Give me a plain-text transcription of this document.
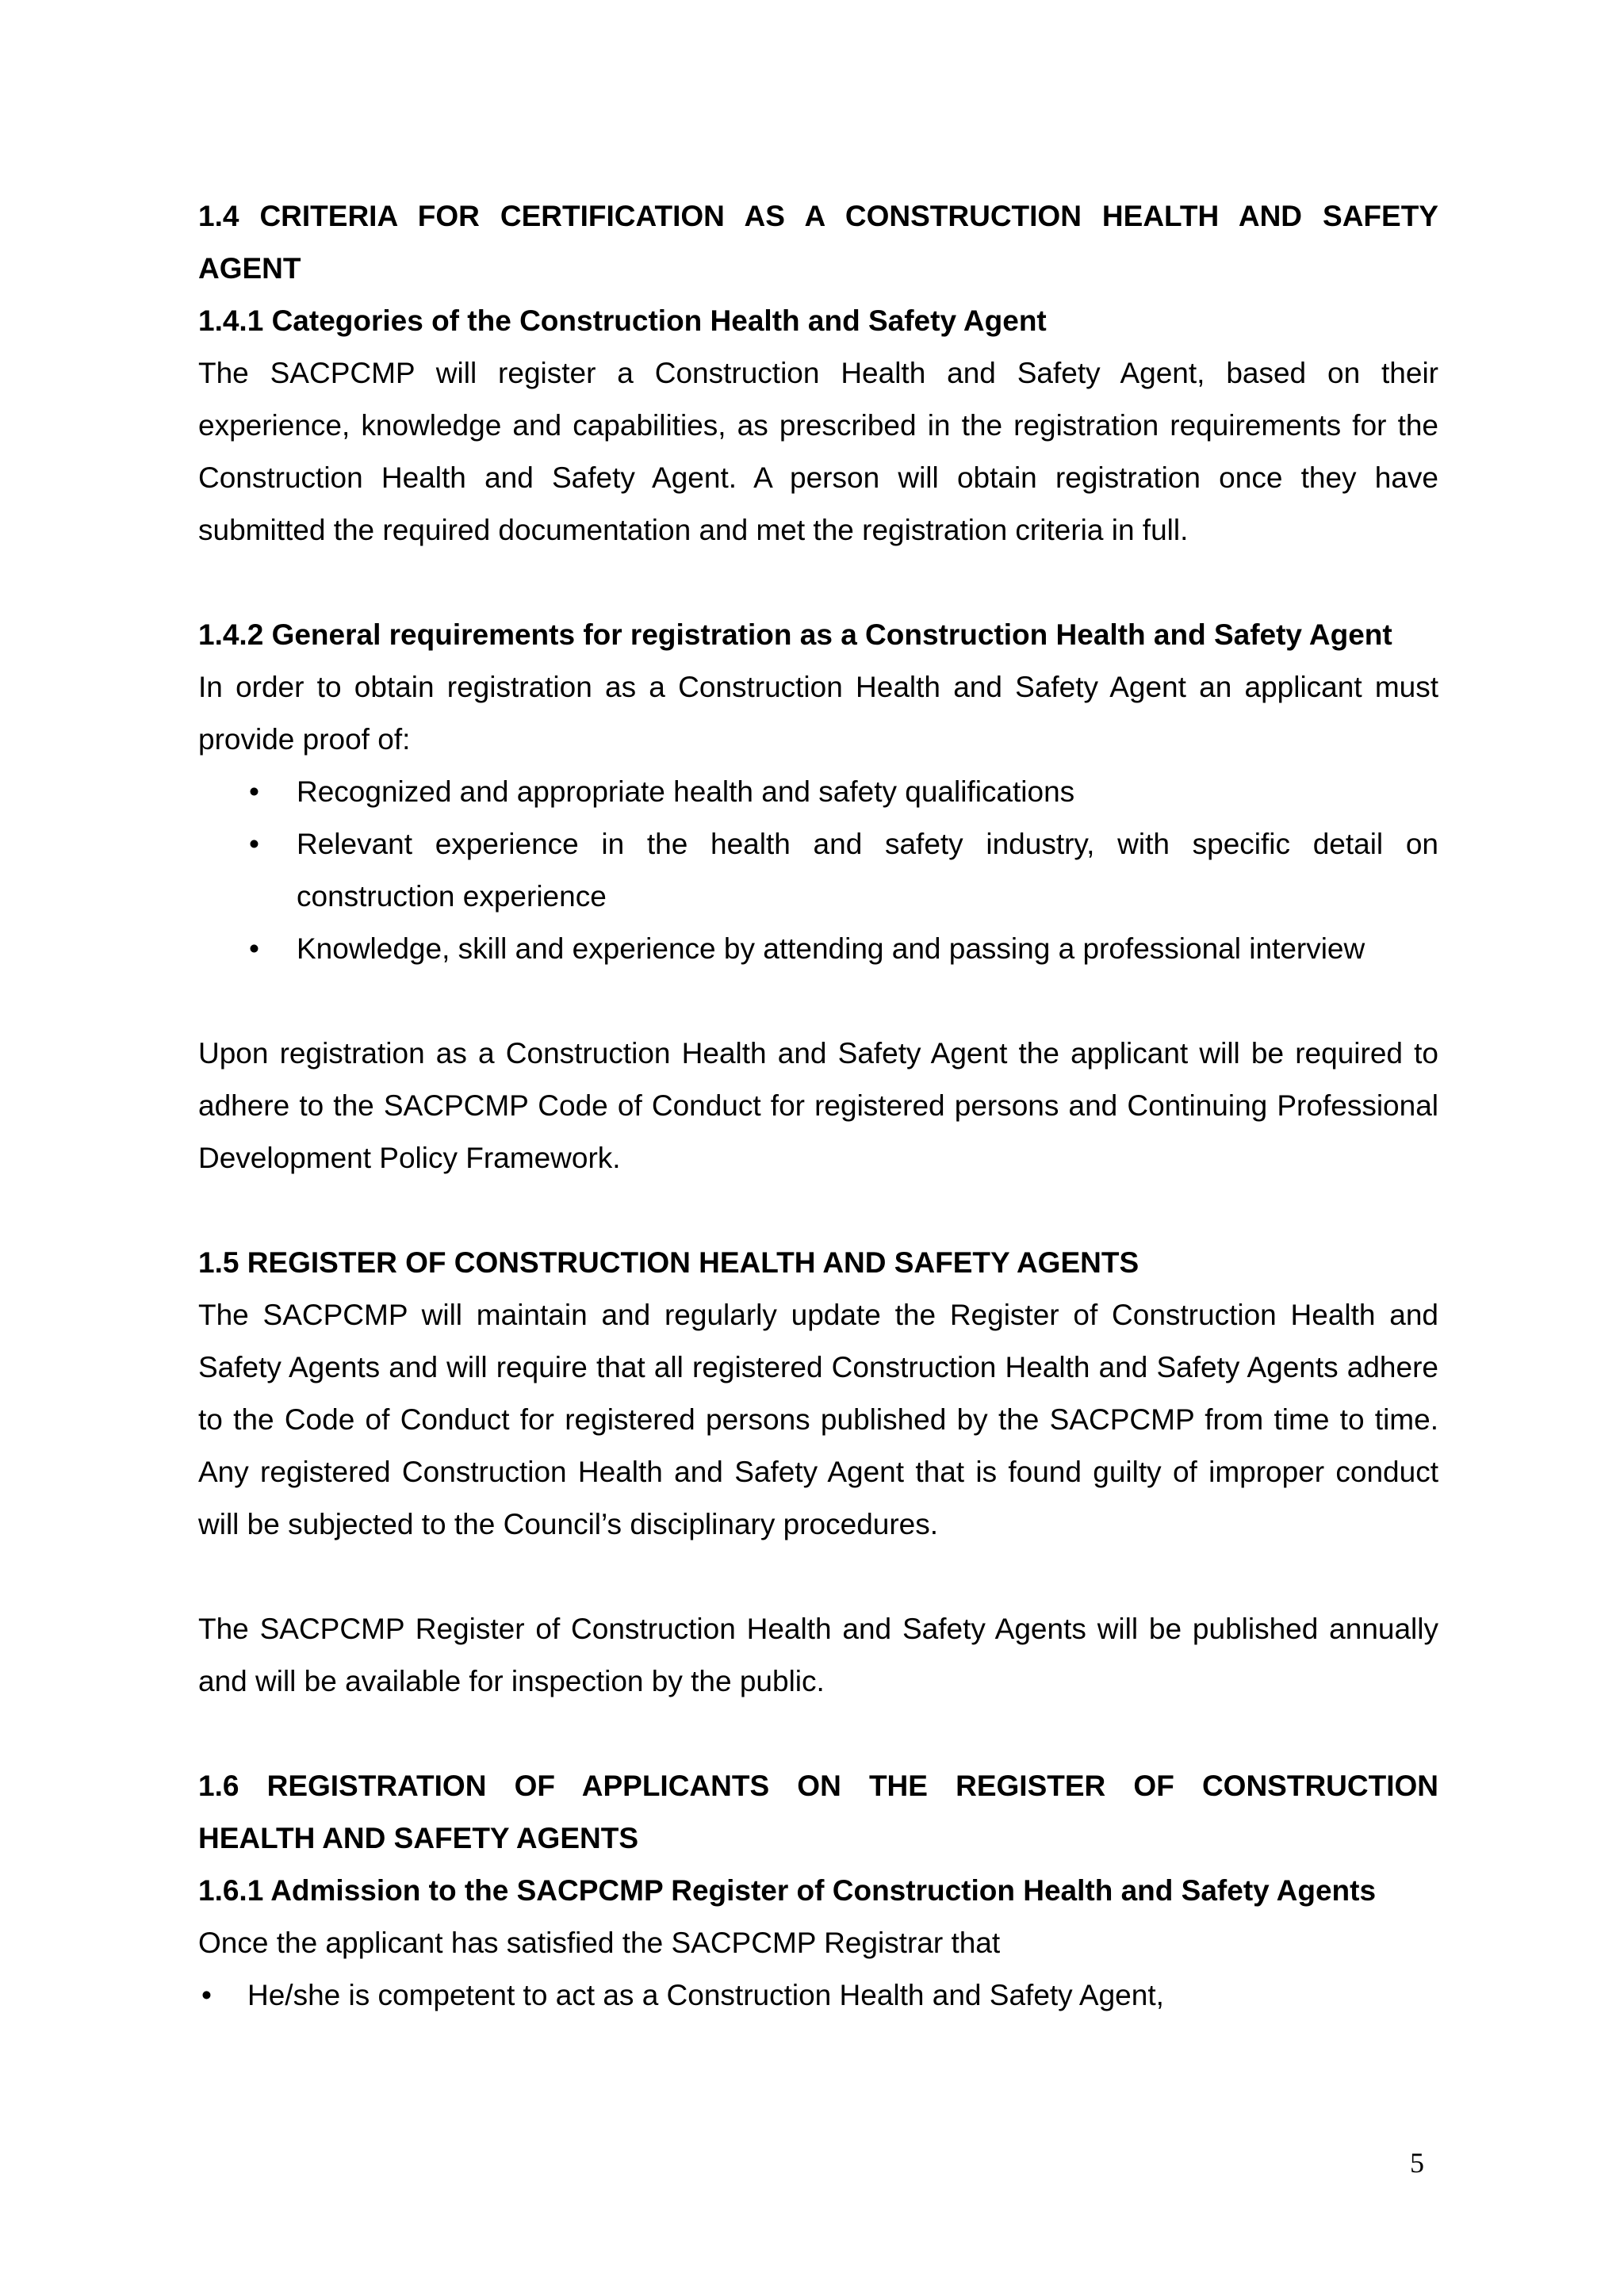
1.4 CRITERIA FOR CERTIFICATION AS A CONSTRUCTION HEALTH AND SAFETY

AGENT

1.4.1 Categories of the Construction Health and Safety Agent

The SACPCMP will register a Construction Health and Safety Agent, based on their experience, knowledge and capabilities, as prescribed in the registration requirements for the Construction Health and Safety Agent. A person will obtain registration once they have submitted the required documentation and met the registration criteria in full.

1.4.2 General requirements for registration as a Construction Health and Safety Agent

In order to obtain registration as a Construction Health and Safety Agent an applicant must provide proof of:

• Recognized and appropriate health and safety qualifications
• Relevant experience in the health and safety industry, with specific detail on construction experience
• Knowledge, skill and experience by attending and passing a professional interview

Upon registration as a Construction Health and Safety Agent the applicant will be required to adhere to the SACPCMP Code of Conduct for registered persons and Continuing Professional Development Policy Framework.

1.5 REGISTER OF CONSTRUCTION HEALTH AND SAFETY AGENTS

The SACPCMP will maintain and regularly update the Register of Construction Health and Safety Agents and will require that all registered Construction Health and Safety Agents adhere to the Code of Conduct for registered persons published by the SACPCMP from time to time. Any registered Construction Health and Safety Agent that is found guilty of improper conduct will be subjected to the Council’s disciplinary procedures.

The SACPCMP Register of Construction Health and Safety Agents will be published annually and will be available for inspection by the public.

1.6 REGISTRATION OF APPLICANTS ON THE REGISTER OF CONSTRUCTION

HEALTH AND SAFETY AGENTS

1.6.1 Admission to the SACPCMP Register of Construction Health and Safety Agents

Once the applicant has satisfied the SACPCMP Registrar that

• He/she is competent to act as a Construction Health and Safety Agent,
5
